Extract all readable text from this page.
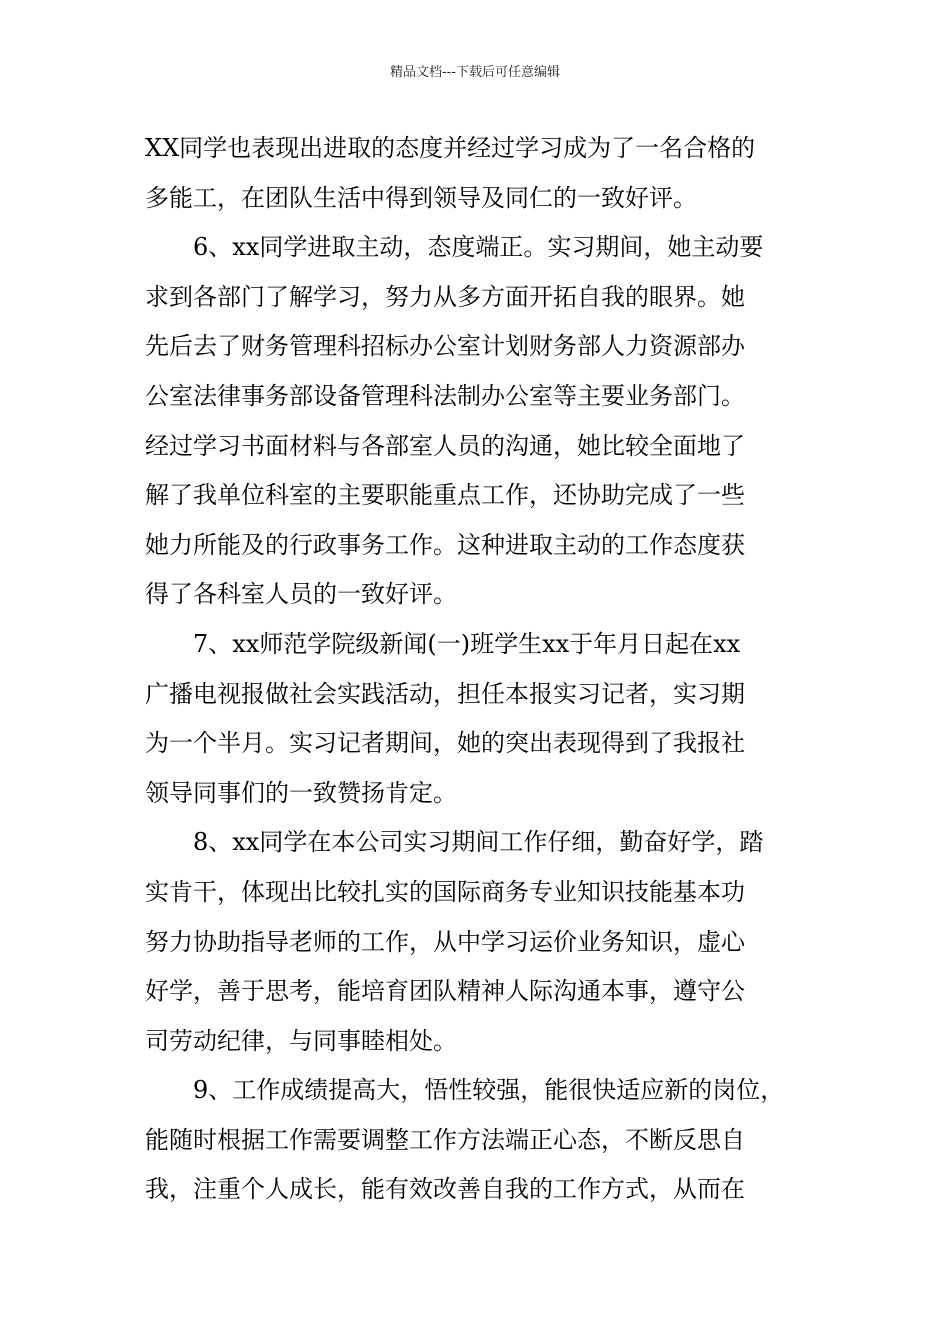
精品文档---下载后可任意编辑
XX同学也表现出进取的态度并经过学习成为了一名合格的
多能工，在团队生活中得到领导及同仁的一致好评。
6、xx同学进取主动，态度端正。实习期间，她主动要
求到各部门了解学习，努力从多方面开拓自我的眼界。她
先后去了财务管理科招标办公室计划财务部人力资源部办
公室法律事务部设备管理科法制办公室等主要业务部门。
经过学习书面材料与各部室人员的沟通，她比较全面地了
解了我单位科室的主要职能重点工作，还协助完成了一些
她力所能及的行政事务工作。这种进取主动的工作态度获
得了各科室人员的一致好评。
7、xx师范学院级新闻(一)班学生xx于年月日起在xx
广播电视报做社会实践活动，担任本报实习记者，实习期
为一个半月。实习记者期间，她的突出表现得到了我报社
领导同事们的一致赞扬肯定。
8、xx同学在本公司实习期间工作仔细，勤奋好学，踏
实肯干，体现出比较扎实的国际商务专业知识技能基本功
努力协助指导老师的工作，从中学习运价业务知识，虚心
好学，善于思考，能培育团队精神人际沟通本事，遵守公
司劳动纪律，与同事睦相处。
9、工作成绩提高大，悟性较强，能很快适应新的岗位，
能随时根据工作需要调整工作方法端正心态，不断反思自
我，注重个人成长，能有效改善自我的工作方式，从而在
